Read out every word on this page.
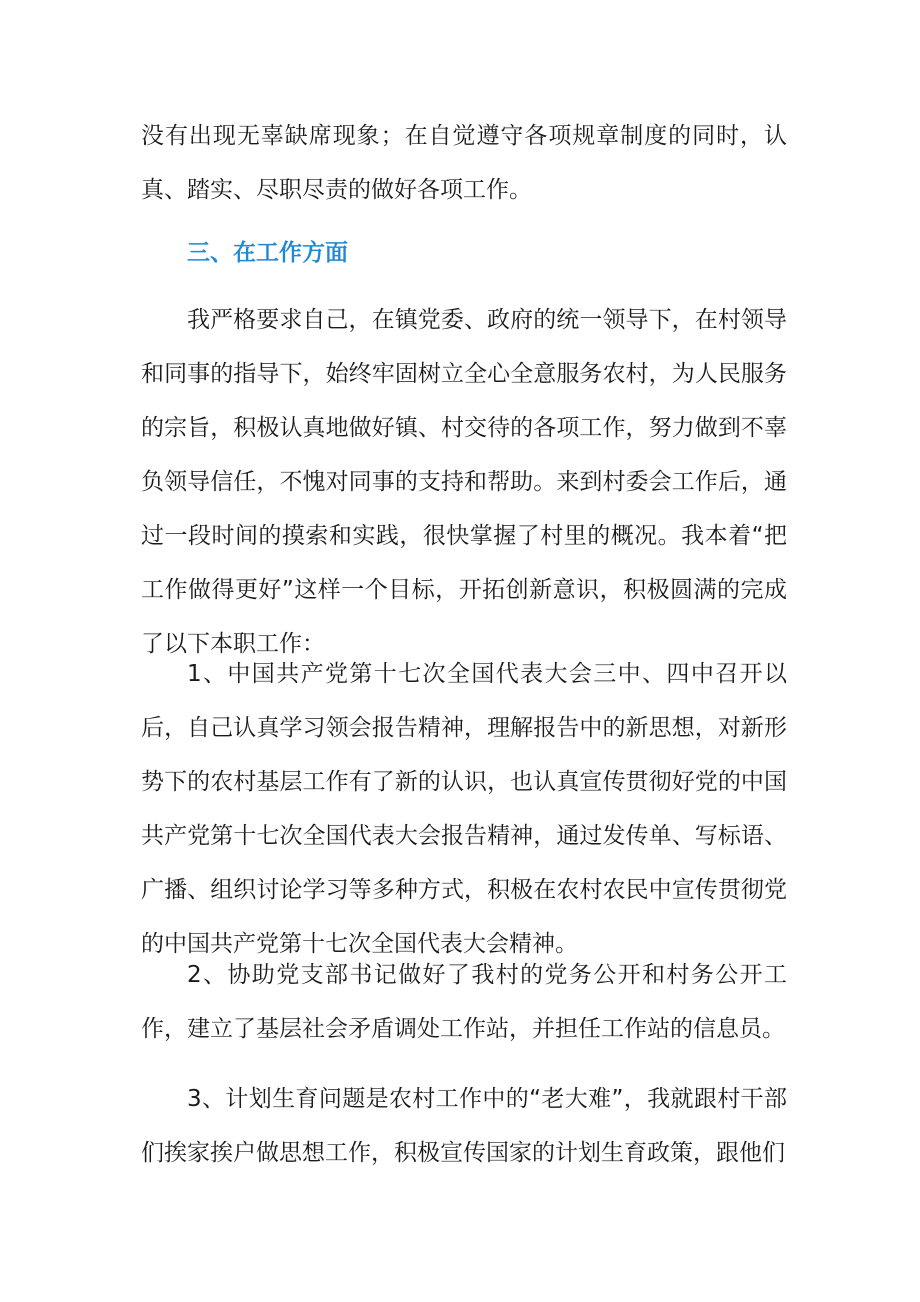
没有出现无辜缺席现象；在自觉遵守各项规章制度的同时，认真、踏实、尽职尽责的做好各项工作。

三、在工作方面

我严格要求自己，在镇党委、政府的统一领导下，在村领导和同事的指导下，始终牢固树立全心全意服务农村，为人民服务的宗旨，积极认真地做好镇、村交待的各项工作，努力做到不辜负领导信任，不愧对同事的支持和帮助。来到村委会工作后，通过一段时间的摸索和实践，很快掌握了村里的概况。我本着“把工作做得更好”这样一个目标，开拓创新意识，积极圆满的完成了以下本职工作：

1、中国共产党第十七次全国代表大会三中、四中召开以后，自己认真学习领会报告精神，理解报告中的新思想，对新形势下的农村基层工作有了新的认识，也认真宣传贯彻好党的中国共产党第十七次全国代表大会报告精神，通过发传单、写标语、广播、组织讨论学习等多种方式，积极在农村农民中宣传贯彻党的中国共产党第十七次全国代表大会精神。

2、协助党支部书记做好了我村的党务公开和村务公开工作，建立了基层社会矛盾调处工作站，并担任工作站的信息员。

3、计划生育问题是农村工作中的“老大难”，我就跟村干部们挨家挨户做思想工作，积极宣传国家的计划生育政策，跟他们
